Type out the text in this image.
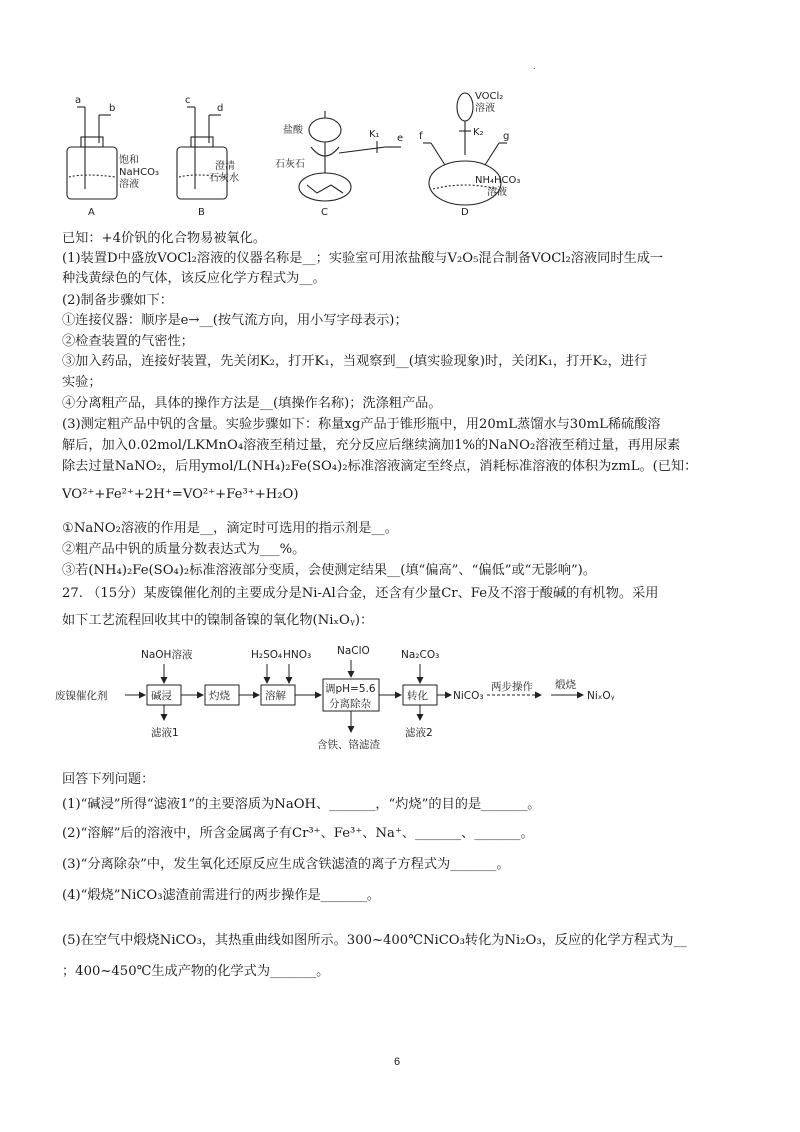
.
a
b
饱和
NaHCO₃
溶液
A
c
d
澄清
石灰水
B
盐酸
石灰石
K₁ e
C
VOCl₂
溶液
K₂
f	g
NH₄HCO₃
溶液
D
已知：+4价钒的化合物易被氧化。
(1)装置D中盛放VOCl₂溶液的仪器名称是__；实验室可用浓盐酸与V₂O₅混合制备VOCl₂溶液同时生成一
种浅黄绿色的气体，该反应化学方程式为__。
(2)制备步骤如下：
①连接仪器：顺序是e→__(按气流方向，用小写字母表示)；
②检查装置的气密性；
③加入药品，连接好装置，先关闭K₂，打开K₁，当观察到__(填实验现象)时，关闭K₁，打开K₂，进行
实验；
④分离粗产品，具体的操作方法是__(填操作名称)；洗涤粗产品。
(3)测定粗产品中钒的含量。实验步骤如下：称量xg产品于锥形瓶中，用20mL蒸馏水与30mL稀硫酸溶
解后，加入0.02mol/LKMnO₄溶液至稍过量，充分反应后继续滴加1%的NaNO₂溶液至稍过量，再用尿素
除去过量NaNO₂，后用ymol/L(NH₄)₂Fe(SO₄)₂标准溶液滴定至终点，消耗标准溶液的体积为zmL。(已知：
VO²⁺+Fe²⁺+2H⁺=VO²⁺+Fe³⁺+H₂O)
①NaNO₂溶液的作用是__，滴定时可选用的指示剂是__。
②粗产品中钒的质量分数表达式为___%。
③若(NH₄)₂Fe(SO₄)₂标准溶液部分变质，会使测定结果__(填“偏高”、“偏低”或“无影响”)。
27. （15分）某废镍催化剂的主要成分是Ni-Al合金，还含有少量Cr、Fe及不溶于酸碱的有机物。采用
如下工艺流程回收其中的镍制备镍的氧化物(NiₓOᵧ)：
废镍催化剂	碱浸
NaOH溶液
滤液1
灼烧	溶解
H₂SO₄ HNO₃
调pH=5.6
分离除杂
NaClO
含铁、铬滤渣
转化
Na₂CO₃
滤液2
NiCO₃
两步操作 煅烧
NiₓOᵧ
回答下列问题：
(1)“碱浸”所得“滤液1”的主要溶质为NaOH、_______，“灼烧”的目的是_______。
(2)“溶解”后的溶液中，所含金属离子有Cr³⁺、Fe³⁺、Na⁺、_______、_______。
(3)“分离除杂”中，发生氧化还原反应生成含铁滤渣的离子方程式为_______。
(4)“煅烧”NiCO₃滤渣前需进行的两步操作是_______。
(5)在空气中煅烧NiCO₃，其热重曲线如图所示。300~400℃NiCO₃转化为Ni₂O₃，反应的化学方程式为__
；400~450℃生成产物的化学式为_______。
6
